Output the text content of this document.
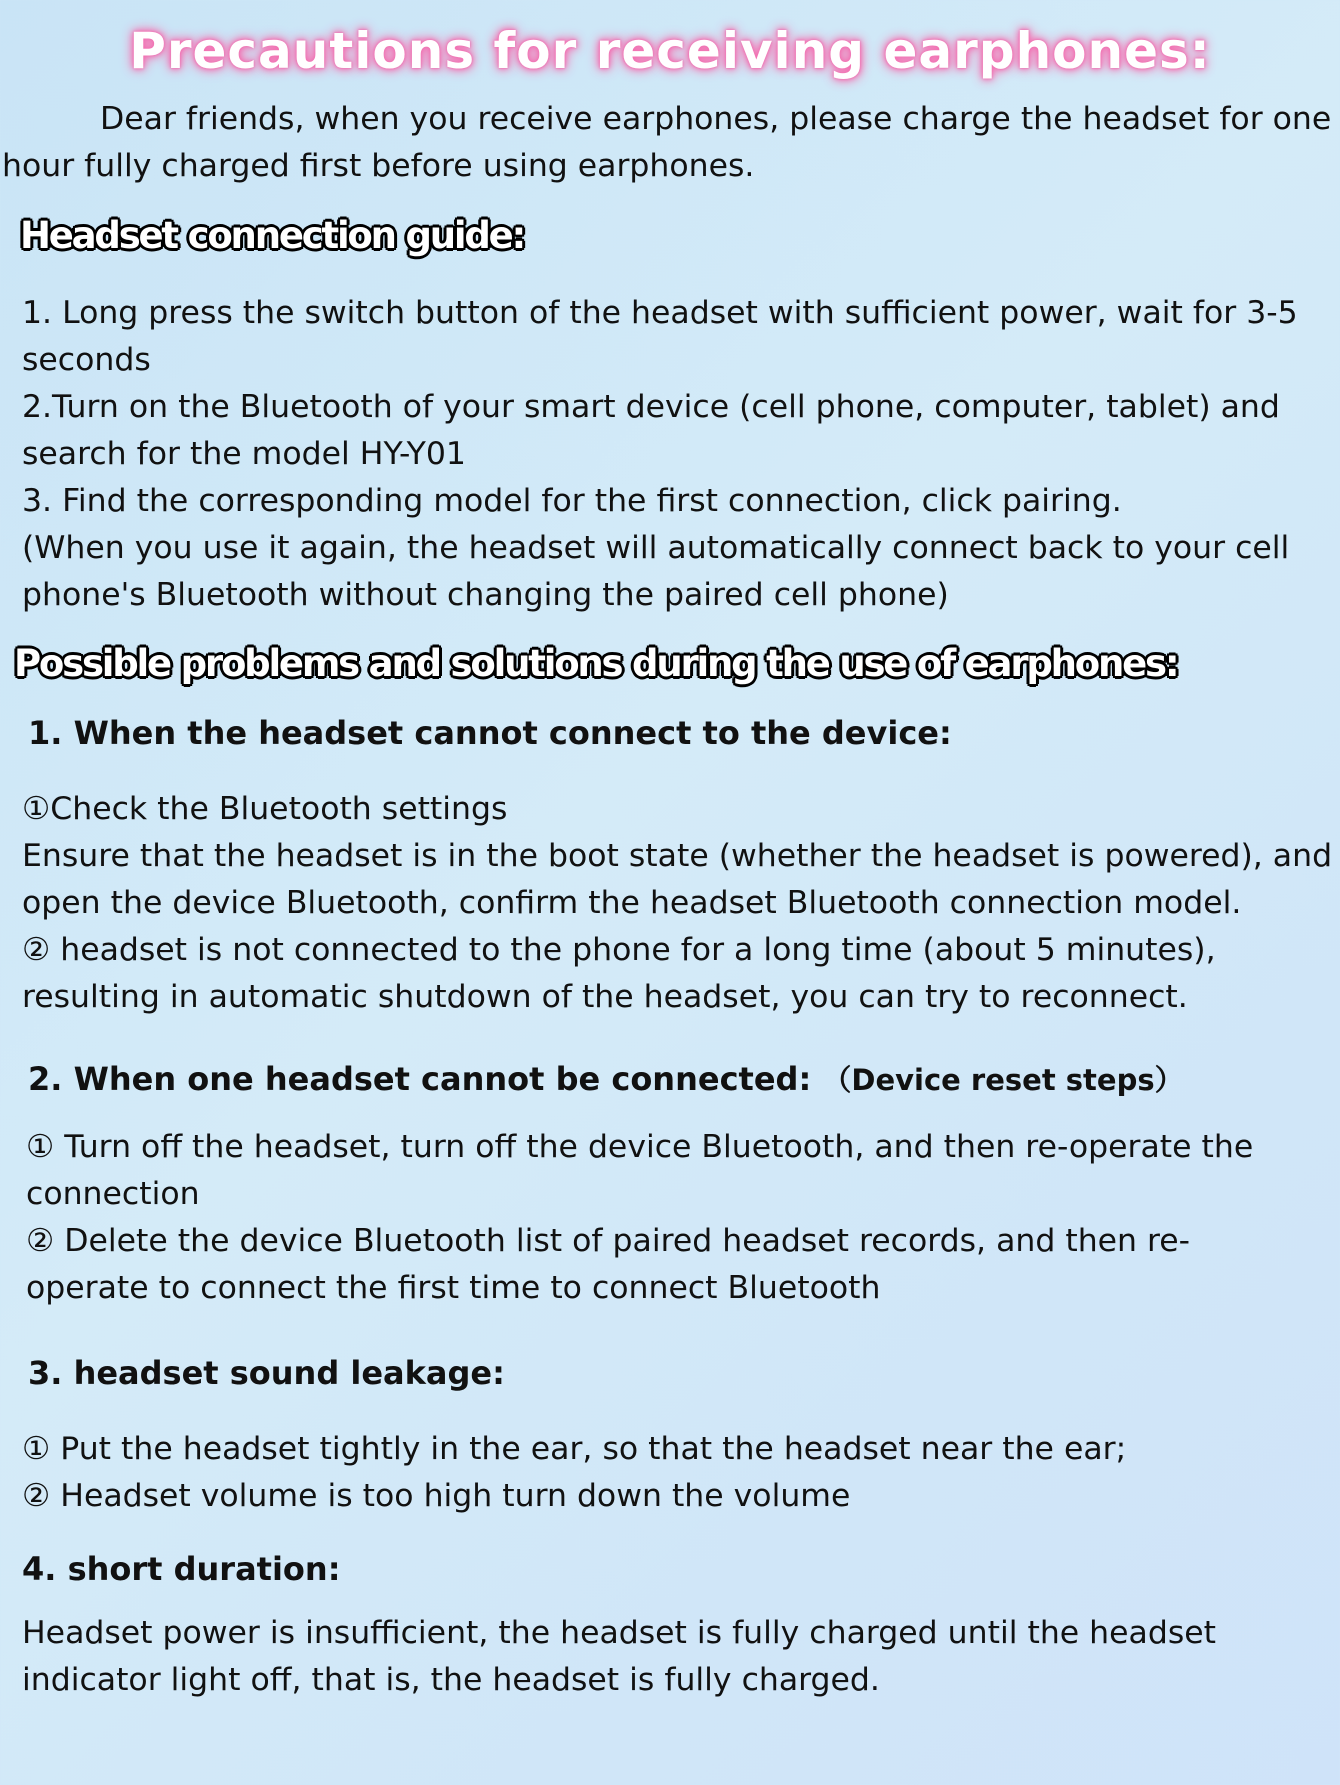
Precautions for receiving earphones:
Dear friends, when you receive earphones, please charge the headset for one hour fully charged first before using earphones.
Headset connection guide:

1. Long press the switch button of the headset with sufficient power, wait for 3-5 seconds

2.Turn on the Bluetooth of your smart device (cell phone, computer, tablet) and search for the model HY-Y01

3. Find the corresponding model for the first connection, click pairing.

(When you use it again, the headset will automatically connect back to your cell phone's Bluetooth without changing the paired cell phone)

Possible problems and solutions during the use of earphones:
1. When the headset cannot connect to the device:

①Check the Bluetooth settings

Ensure that the headset is in the boot state (whether the headset is powered), and open the device Bluetooth, confirm the headset Bluetooth connection model.

② headset is not connected to the phone for a long time (about 5 minutes), resulting in automatic shutdown of the headset, you can try to reconnect.

2. When one headset cannot be connected: （Device reset steps）

① Turn off the headset, turn off the device Bluetooth, and then re-operate the connection

② Delete the device Bluetooth list of paired headset records, and then re-operate to connect the first time to connect Bluetooth

3. headset sound leakage:

① Put the headset tightly in the ear, so that the headset near the ear;

② Headset volume is too high turn down the volume

4. short duration:

Headset power is insufficient, the headset is fully charged until the headset indicator light off, that is, the headset is fully charged.
